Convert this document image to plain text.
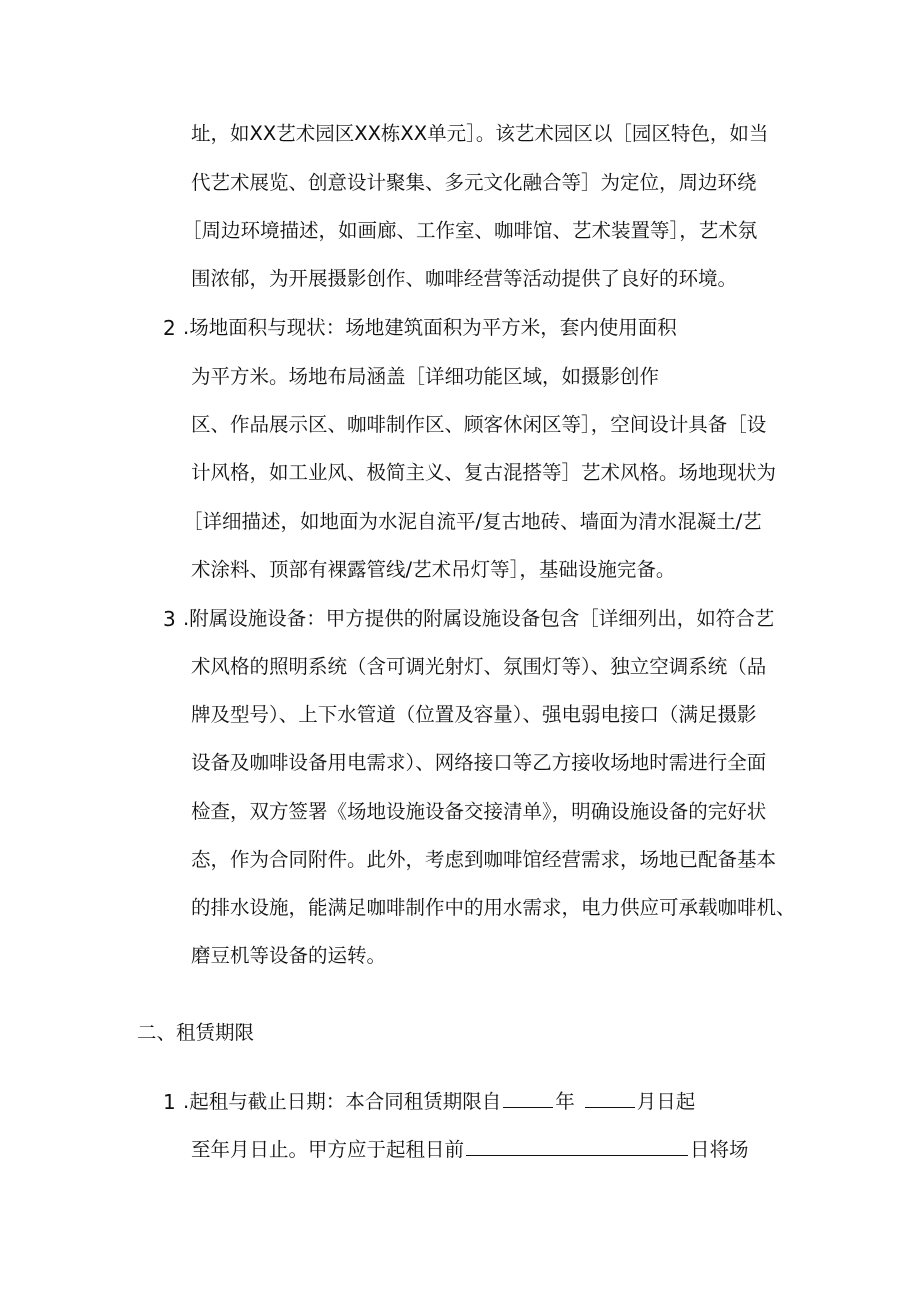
址，如XX艺术园区XX栋XX单元］。该艺术园区以［园区特色，如当
代艺术展览、创意设计聚集、多元文化融合等］为定位，周边环绕
［周边环境描述，如画廊、工作室、咖啡馆、艺术装置等］，艺术氛
围浓郁，为开展摄影创作、咖啡经营等活动提供了良好的环境。
2 .场地面积与现状：场地建筑面积为平方米，套内使用面积
为平方米。场地布局涵盖［详细功能区域，如摄影创作
区、作品展示区、咖啡制作区、顾客休闲区等］，空间设计具备［设
计风格，如工业风、极简主义、复古混搭等］艺术风格。场地现状为
［详细描述，如地面为水泥自流平/复古地砖、墙面为清水混凝土/艺
术涂料、顶部有裸露管线/艺术吊灯等］，基础设施完备。
3 .附属设施设备：甲方提供的附属设施设备包含［详细列出，如符合艺
术风格的照明系统（含可调光射灯、氛围灯等）、独立空调系统（品
牌及型号）、上下水管道（位置及容量）、强电弱电接口（满足摄影
设备及咖啡设备用电需求）、网络接口等乙方接收场地时需进行全面
检查，双方签署《场地设施设备交接清单》，明确设施设备的完好状
态，作为合同附件。此外，考虑到咖啡馆经营需求，场地已配备基本
的排水设施，能满足咖啡制作中的用水需求，电力供应可承载咖啡机、
磨豆机等设备的运转。
二、租赁期限
1 .起租与截止日期：本合同租赁期限自	年	月日起
至年月日止。甲方应于起租日前	日将场
